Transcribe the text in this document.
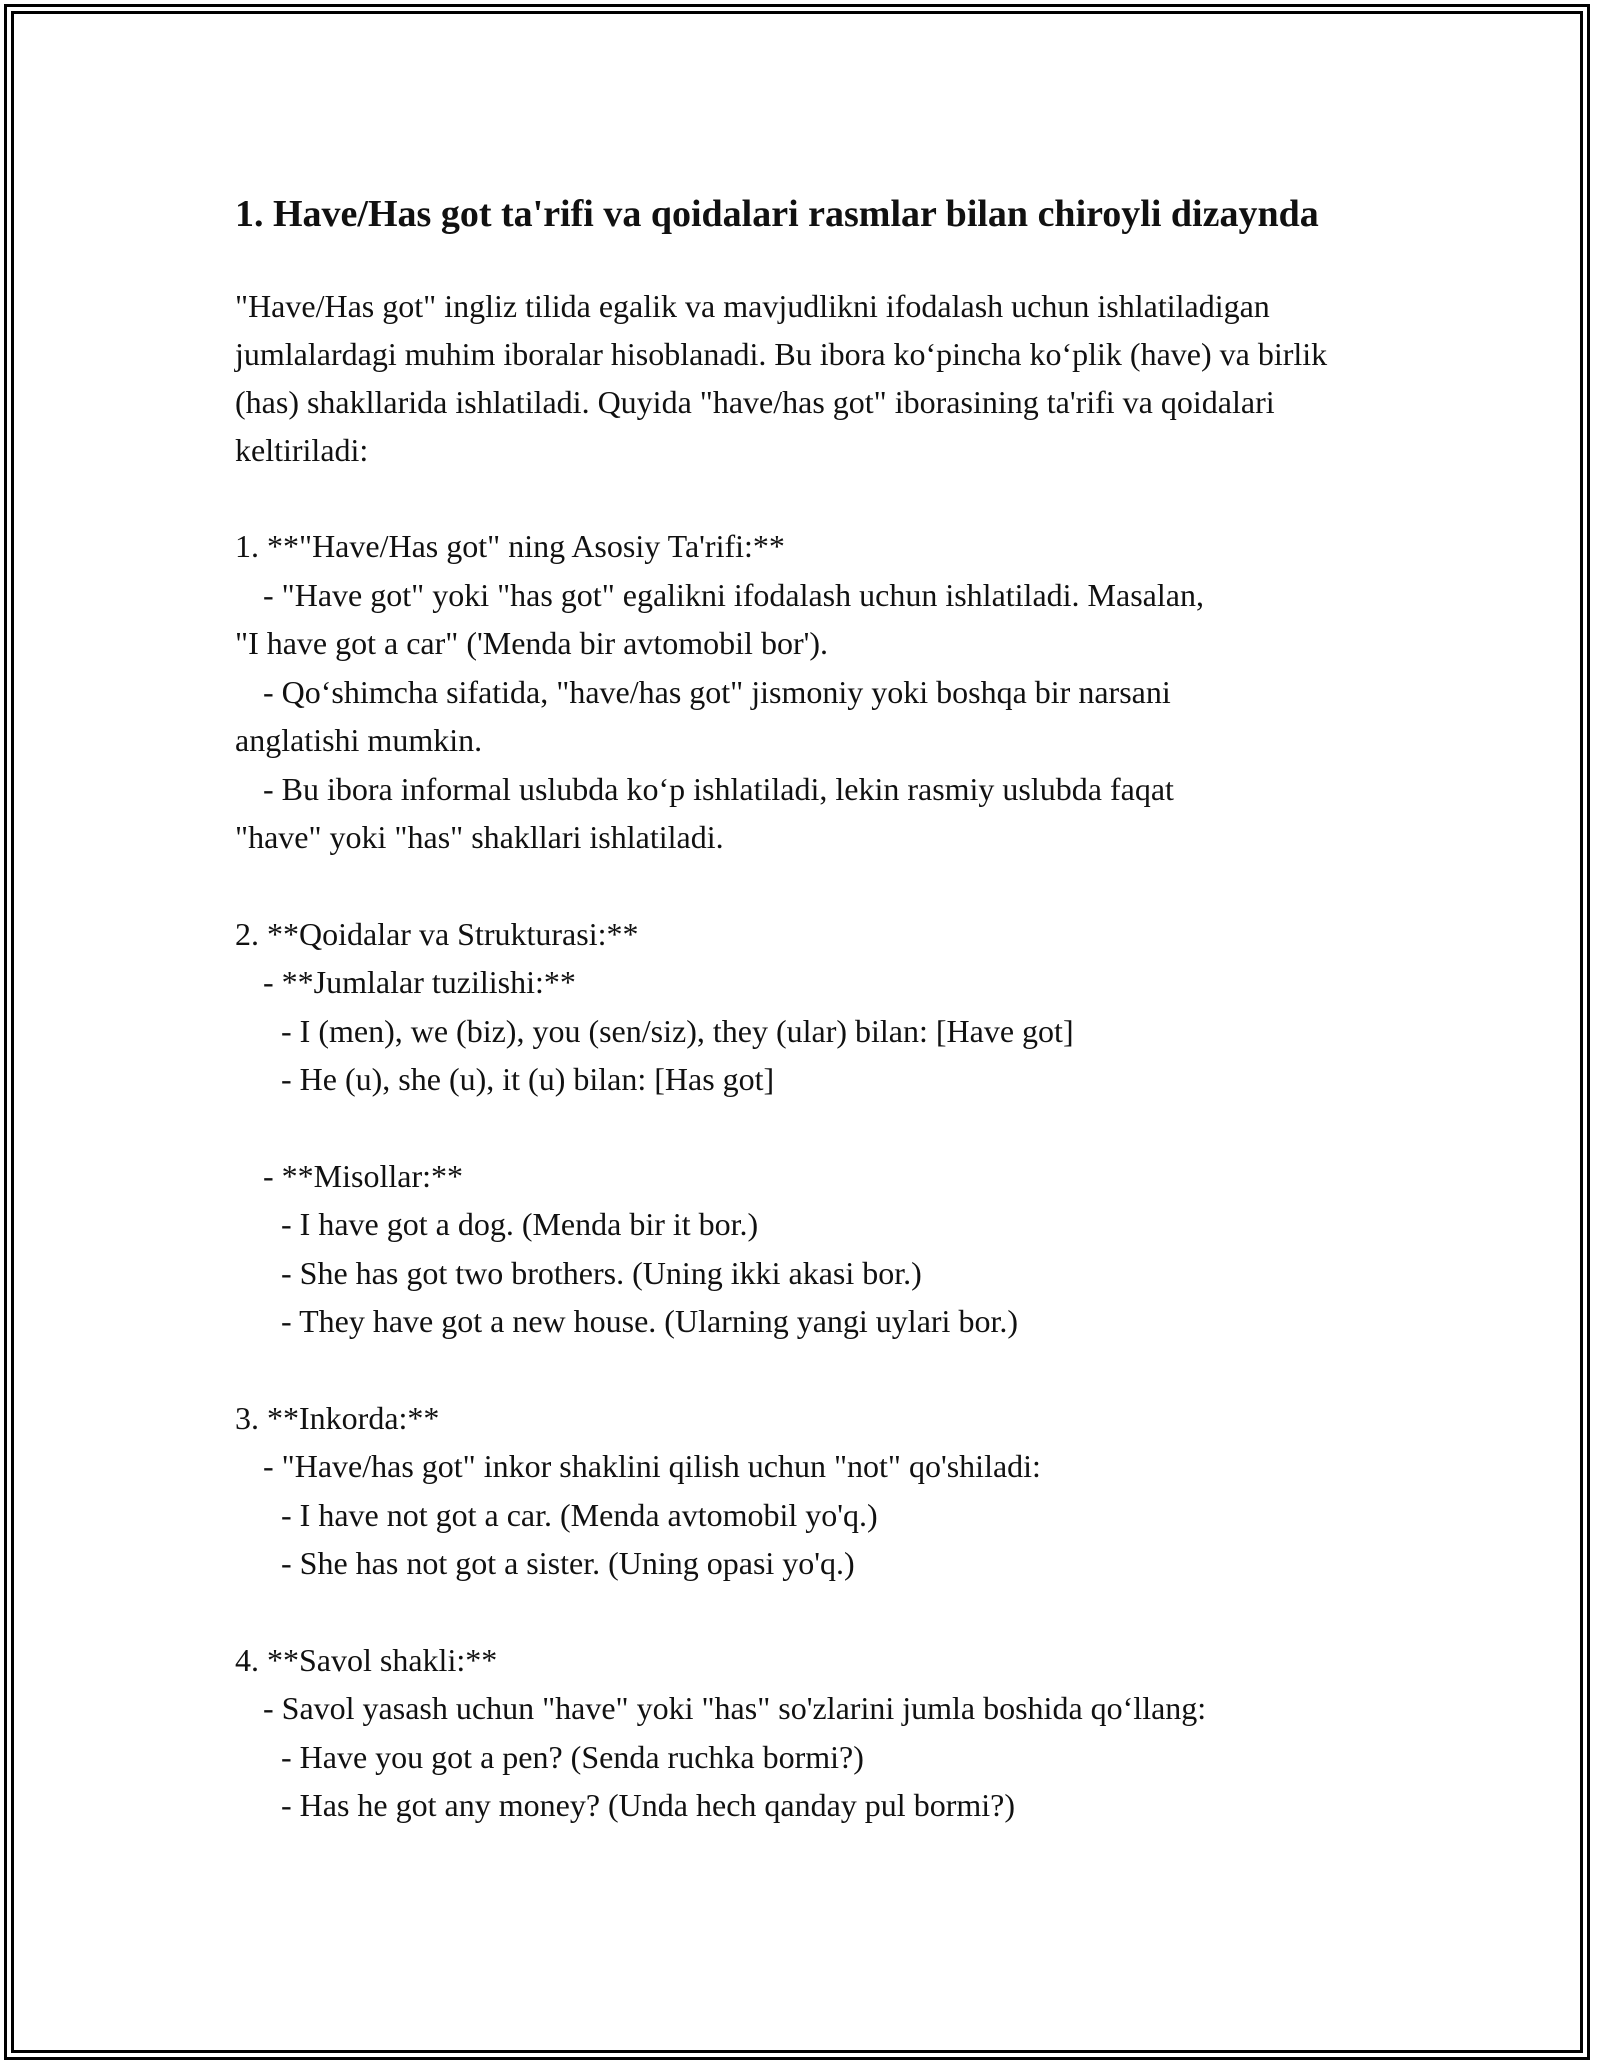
1. Have/Has got ta'rifi va qoidalari rasmlar bilan chiroyli dizaynda

"Have/Has got" ingliz tilida egalik va mavjudlikni ifodalash uchun ishlatiladigan jumlalardagi muhim iboralar hisoblanadi. Bu ibora ko‘pincha ko‘plik (have) va birlik (has) shakllarida ishlatiladi. Quyida "have/has got" iborasining ta'rifi va qoidalari keltiriladi:

1. **"Have/Has got" ning Asosiy Ta'rifi:**

- "Have got" yoki "has got" egalikni ifodalash uchun ishlatiladi. Masalan,

"I have got a car" ('Menda bir avtomobil bor').

- Qo‘shimcha sifatida, "have/has got" jismoniy yoki boshqa bir narsani

anglatishi mumkin.

- Bu ibora informal uslubda ko‘p ishlatiladi, lekin rasmiy uslubda faqat

"have" yoki "has" shakllari ishlatiladi.

2. **Qoidalar va Strukturasi:**

- **Jumlalar tuzilishi:**

- I (men), we (biz), you (sen/siz), they (ular) bilan: [Have got]

- He (u), she (u), it (u) bilan: [Has got]

- **Misollar:**

- I have got a dog. (Menda bir it bor.)

- She has got two brothers. (Uning ikki akasi bor.)

- They have got a new house. (Ularning yangi uylari bor.)

3. **Inkorda:**

- "Have/has got" inkor shaklini qilish uchun "not" qo'shiladi:

- I have not got a car. (Menda avtomobil yo'q.)

- She has not got a sister. (Uning opasi yo'q.)

4. **Savol shakli:**

- Savol yasash uchun "have" yoki "has" so'zlarini jumla boshida qo‘llang:

- Have you got a pen? (Senda ruchka bormi?)

- Has he got any money? (Unda hech qanday pul bormi?)
